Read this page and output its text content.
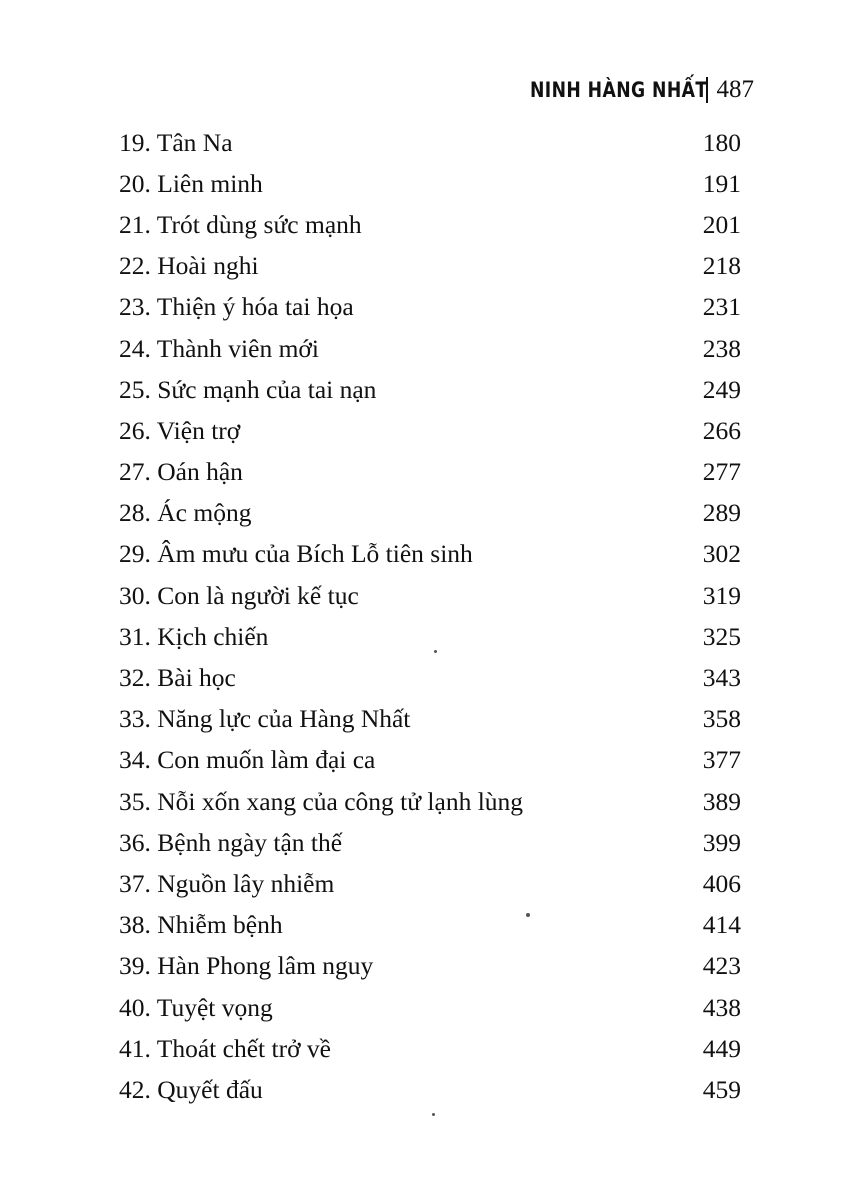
NINH HÀNG NHẤT 487
19. Tân Na	180
20. Liên minh	191
21. Trót dùng sức mạnh	201
22. Hoài nghi	218
23. Thiện ý hóa tai họa	231
24. Thành viên mới	238
25. Sức mạnh của tai nạn	249
26. Viện trợ	266
27. Oán hận	277
28. Ác mộng	289
29. Âm mưu của Bích Lỗ tiên sinh	302
30. Con là người kế tục	319
31. Kịch chiến	325
32. Bài học	343
33. Năng lực của Hàng Nhất	358
34. Con muốn làm đại ca	377
35. Nỗi xốn xang của công tử lạnh lùng	389
36. Bệnh ngày tận thế	399
37. Nguồn lây nhiễm	406
38. Nhiễm bệnh	414
39. Hàn Phong lâm nguy	423
40. Tuyệt vọng	438
41. Thoát chết trở về	449
42. Quyết đấu	459
